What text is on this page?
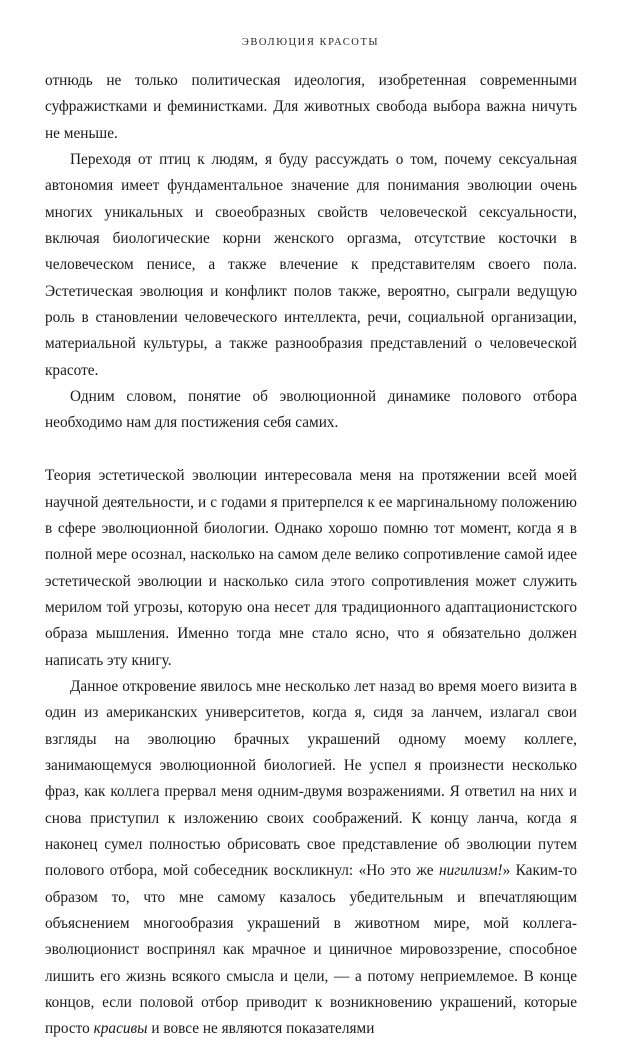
ЭВОЛЮЦИЯ КРАСОТЫ

отнюдь не только политическая идеология, изобретенная современными суфражистками и феминистками. Для животных свобода выбора важна ничуть не меньше.

Переходя от птиц к людям, я буду рассуждать о том, почему сексуальная автономия имеет фундаментальное значение для понимания эволюции очень многих уникальных и своеобразных свойств человеческой сексуальности, включая биологические корни женского оргазма, отсутствие косточки в человеческом пенисе, а также влечение к представителям своего пола. Эстетическая эволюция и конфликт полов также, вероятно, сыграли ведущую роль в становлении человеческого интеллекта, речи, социальной организации, материальной культуры, а также разнообразия представлений о человеческой красоте.

Одним словом, понятие об эволюционной динамике полового отбора необходимо нам для постижения себя самих.

Теория эстетической эволюции интересовала меня на протяжении всей моей научной деятельности, и с годами я притерпелся к ее маргинальному положению в сфере эволюционной биологии. Однако хорошо помню тот момент, когда я в полной мере осознал, насколько на самом деле велико сопротивление самой идее эстетической эволюции и насколько сила этого сопротивления может служить мерилом той угрозы, которую она несет для традиционного адаптационистского образа мышления. Именно тогда мне стало ясно, что я обязательно должен написать эту книгу.

Данное откровение явилось мне несколько лет назад во время моего визита в один из американских университетов, когда я, сидя за ланчем, излагал свои взгляды на эволюцию брачных украшений одному моему коллеге, занимающемуся эволюционной биологией. Не успел я произнести несколько фраз, как коллега прервал меня одним-двумя возражениями. Я ответил на них и снова приступил к изложению своих соображений. К концу ланча, когда я наконец сумел полностью обрисовать свое представление об эволюции путем полового отбора, мой собеседник воскликнул: «Но это же нигилизм!» Каким-то образом то, что мне самому казалось убедительным и впечатляющим объяснением многообразия украшений в животном мире, мой коллега-эволюционист воспринял как мрачное и циничное мировоззрение, способное лишить его жизнь всякого смысла и цели, — а потому неприемлемое. В конце концов, если половой отбор приводит к возникновению украшений, которые просто красивы и вовсе не являются показателями
